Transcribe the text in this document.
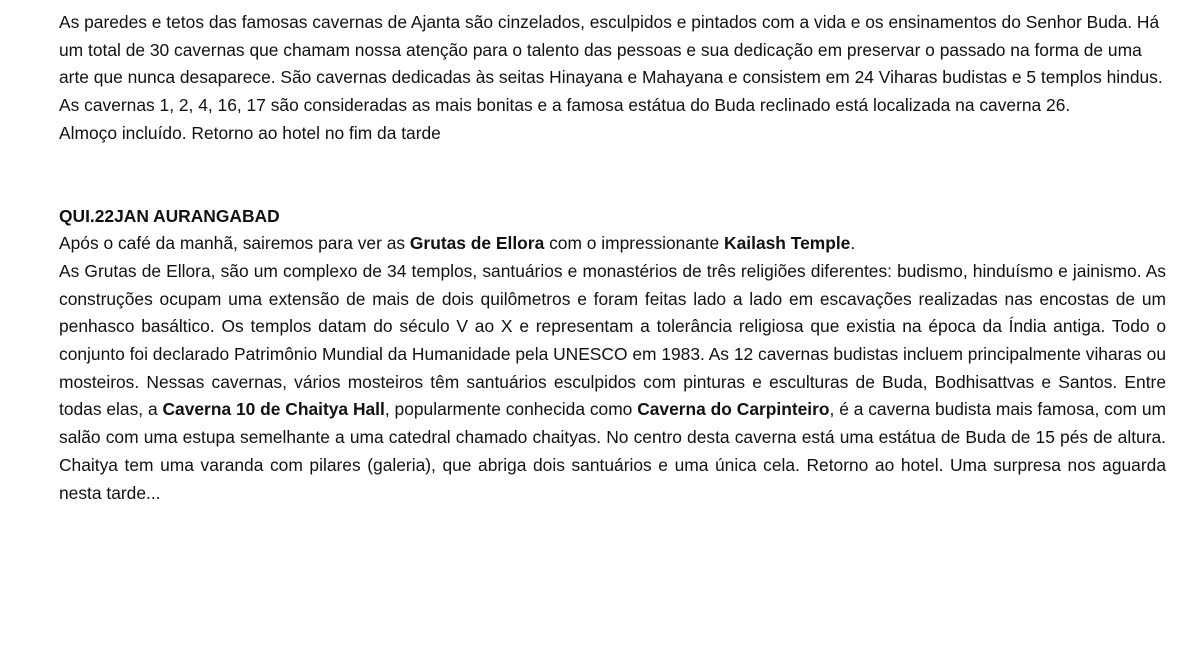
As paredes e tetos das famosas cavernas de Ajanta são cinzelados, esculpidos e pintados com a vida e os ensinamentos do Senhor Buda. Há um total de 30 cavernas que chamam nossa atenção para o talento das pessoas e sua dedicação em preservar o passado na forma de uma arte que nunca desaparece. São cavernas dedicadas às seitas Hinayana e Mahayana e consistem em 24 Viharas budistas e 5 templos hindus. As cavernas 1, 2, 4, 16, 17 são consideradas as mais bonitas e a famosa estátua do Buda reclinado está localizada na caverna 26.

Almoço incluído. Retorno ao hotel no fim da tarde

QUI.22JAN AURANGABAD

Após o café da manhã, sairemos para ver as Grutas de Ellora com o impressionante Kailash Temple.

As Grutas de Ellora, são um complexo de 34 templos, santuários e monastérios de três religiões diferentes: budismo, hinduísmo e jainismo. As construções ocupam uma extensão de mais de dois quilômetros e foram feitas lado a lado em escavações realizadas nas encostas de um penhasco basáltico. Os templos datam do século V ao X e representam a tolerância religiosa que existia na época da Índia antiga. Todo o conjunto foi declarado Patrimônio Mundial da Humanidade pela UNESCO em 1983. As 12 cavernas budistas incluem principalmente viharas ou mosteiros. Nessas cavernas, vários mosteiros têm santuários esculpidos com pinturas e esculturas de Buda, Bodhisattvas e Santos. Entre todas elas, a Caverna 10 de Chaitya Hall, popularmente conhecida como Caverna do Carpinteiro, é a caverna budista mais famosa, com um salão com uma estupa semelhante a uma catedral chamado chaityas. No centro desta caverna está uma estátua de Buda de 15 pés de altura. Chaitya tem uma varanda com pilares (galeria), que abriga dois santuários e uma única cela. Retorno ao hotel. Uma surpresa nos aguarda nesta tarde...
